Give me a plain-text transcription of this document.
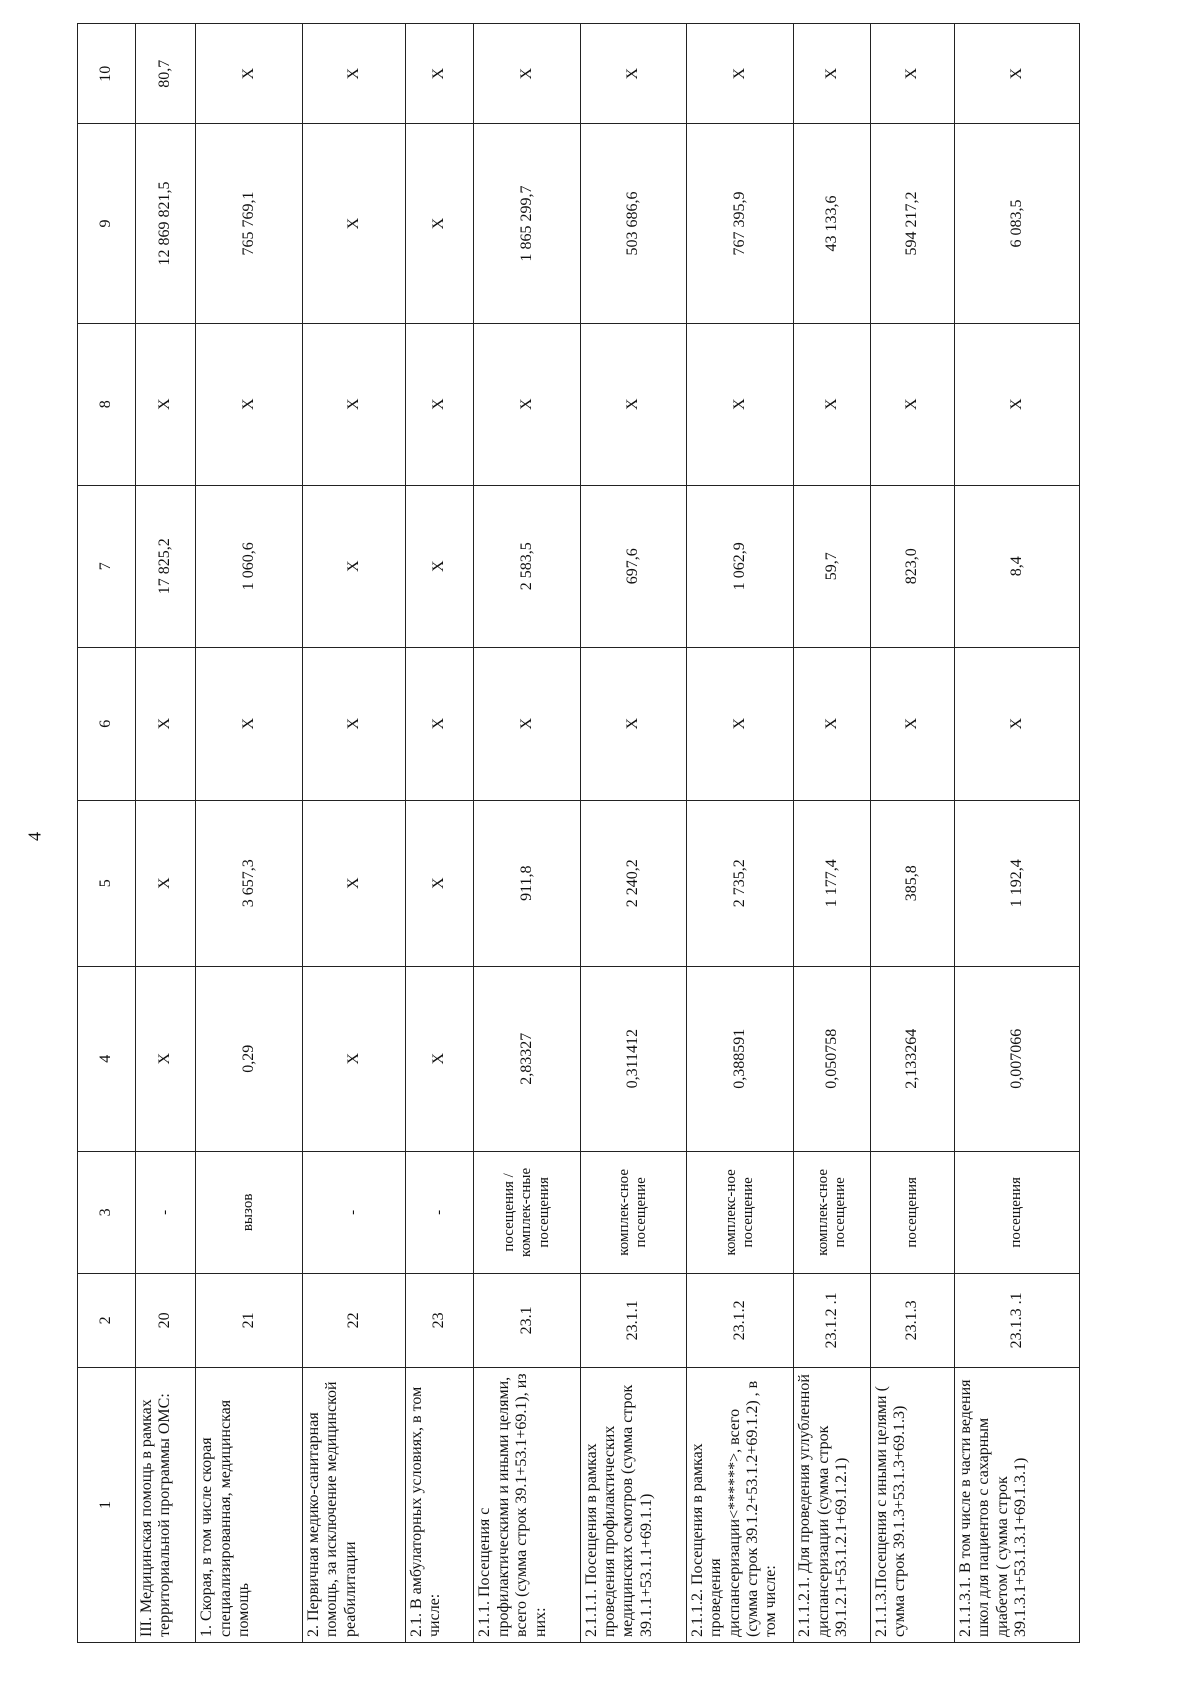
4
1	2	3	4	5	6	7	8	9	10
III. Медицинская помощь в рамках территориальной программы ОМС:	20	-	X	X	X	17 825,2	X	12 869 821,5	80,7
1. Скорая, в том числе скорая специализированная, медицинская помощь	21	вызов	0,29	3 657,3	X	1 060,6	X	765 769,1	X
2. Первичная медико-санитарная помощь, за исключение медицинской реабилитации	22	-	X	X	X	X	X	X	X
2.1. В амбулаторных условиях, в том числе:	23	-	X	X	X	X	X	X	X
2.1.1. Посещения с профилактическими и иными целями, всего (сумма строк 39.1+53.1+69.1), из них:	23.1	посещения /комплек-сные посещения	2,83327	911,8	X	2 583,5	X	1 865 299,7	X
2.1.1.1. Посещения в рамках проведения профилактических медицинских осмотров (сумма строк 39.1.1+53.1.1+69.1.1)	23.1.1	комплек-сное посещение	0,311412	2 240,2	X	697,6	X	503 686,6	X
2.1.1.2. Посещения в рамках проведения диспансеризации<******>, всего (сумма строк 39.1.2+53.1.2+69.1.2) , в том числе:	23.1.2	комплекс-ное посещение	0,388591	2 735,2	X	1 062,9	X	767 395,9	X
2.1.1.2.1. Для проведения углубленной диспансеризации (сумма строк 39.1.2.1+53.1.2.1+69.1.2.1)	23.1.2 .1	комплек-сное посещение	0,050758	1 177,4	X	59,7	X	43 133,6	X
2.1.1.3.Посещения с иными целями ( сумма строк 39.1.3+53.1.3+69.1.3)	23.1.3	посещения	2,133264	385,8	X	823,0	X	594 217,2	X
2.1.1.3.1. В том числе в части ведения школ для пациентов с сахарным диабетом ( сумма строк 39.1.3.1+53.1.3.1+69.1.3.1)	23.1.3 .1	посещения	0,007066	1 192,4	X	8,4	X	6 083,5	X
